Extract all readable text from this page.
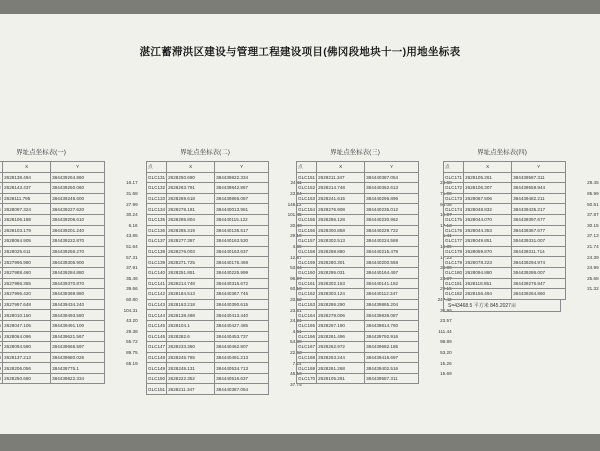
湛江蓄滞洪区建设与管理工程建设项目(佛冈段地块十一)用地坐标表
界址点坐标表(一)
	X	Y	
	2628138.494	384439264.860	
	2628143.437	384439250.060	16.17
	2628111.795	384439248.600	31.68
	2628097.324	384439227.620	27.99
	2628106.188	384439208.610	30.24
	2628103.179	384439201.240	6.16
	2628064.905	384439222.870	43.85
	2628025.611	384439256.270	51.64
	2627996.980	384439305.900	57.31
	2627988.460	384439284.880	37.91
	2627986.355	384439370.870	35.46
	2627995.420	384439369.880	39.66
	2627997.648	384439434.240	60.80
	2628010.150	384439493.580	104.31
	2628047.105	384439491.100	43.20
	2628064.096	384439621.567	29.38
	2628094.580	384439666.597	55.72
	2628137.213	384439680.026	89.75
	2628206.056	384439775.1	65.19
	2628250.680	384439822.334	
界址点坐标表(二)
点	X	Y	
GLC131	2628250.680	384439822.334	
GLC132	2628263.791	384439842.867	24.11
GLC133	2628269.618	384439866.087	23.94
GLC134	2628278.181	384440013.951	148.12
GLC135	2628285.804	384440115.122	101.45
GLC136	2628285.319	384440135.517	20.40
GLC137	2628277.387	384440163.530	29.10
GLC138	2628276.003	384440163.637	4.68
GLC139	2628271.725	384440176.469	12.87
GLC140	2628251.851	384440225.999	53.44
GLC141	2628214.748	384440315.672	96.97
GLC142	2628184.513	384440367.745	60.16
GLC143	2628163.218	384440390.615	33.52
GLC144	2628138.498	384440413.440	23.51
GLC145	2628104.1	384440427.485	24.21
GLC146	2628282.6	384440453.737	4.51
GLC147	2628233.360	384440462.807	54.39
GLC148	2628245.765	384440491.213	22.63
GLC149	2628248.131	384440534.713	7.14
GLC150	2628222.352	384440516.637	46.18
GLC151	2628211.347	384440387.054	37.75
界址点坐标表(三)
点	X	Y	
GLC151	2628211.347	384440387.054	
GLC152	2628214.748	384440362.613	24.68
GLC153	2628241.615	384440296.896	71.00
GLC154	2628276.908	384440235.012	98.06
GLC155	2628286.128	384440230.962	10.07
GLC156	2628300.858	384440229.722	17.13
GLC157	2628302.513	384440224.569	5.41
GLC158	2628288.880	384440215.478	16.39
GLC159	2628280.301	384440200.558	17.23
GLC160	2628295.031	384440164.497	38.89
GLC161	2628302.153	384440141.182	24.37
GLC162	2628303.124	384440112.347	29.15
GLC163	2628286.290	384439865.204	247.42
GLC164	2628279.006	384439835.087	30.99
GLC165	2628267.190	384439814.760	23.57
GLC166	2628261.496	384439792.916	111.44
GLC167	2628262.972	384439682.186	98.89
GLC168	2628263.244	384439416.697	53.20
GLC169	2628261.268	384439402.516	15.26
GLC170	2628105.261	384439587.311	15.69
界址点坐标表(四)
点	X	Y	
GLC171	2628105.261	384439587.311	
GLC172	2628106.307	384439558.944	28.45
GLC173	2628067.506	384439482.211	85.99
GLC174	2628048.832	384439435.217	50.51
GLC175	2628044.070	384439397.677	37.87
GLC176	2628044.353	384439367.677	30.15
GLC177	2628049.851	384439331.007	37.13
GLC178	2628059.870	384439311.714	21.74
GLC179	2628078.223	384439294.974	24.39
GLC180	2628094.880	384439286.007	24.99
GLC181	2628118.851	384439276.847	25.68
GLC182	2628156.494	384439264.860	21.32
S=43468.5 平方米 845.2027亩
